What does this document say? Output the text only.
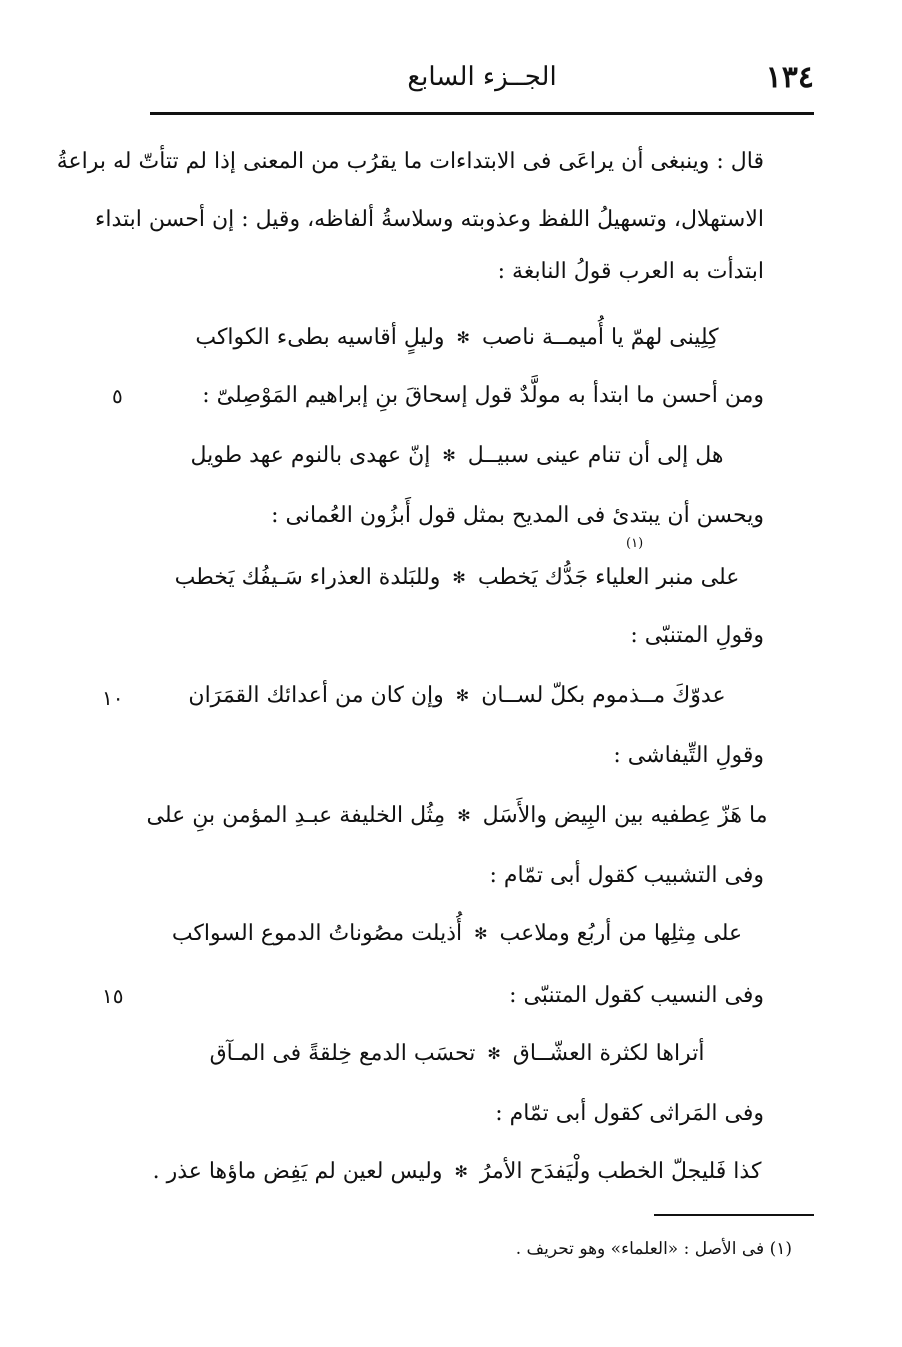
١٣٤
الجــزء السابع
قال : وينبغى أن يراعَى فى الابتداءات ما يقرُب من المعنى إذا لم تتأتّ له براعةُ
الاستهلال، وتسهيلُ اللفظ وعذوبته وسلاسةُ ألفاظه، وقيل : إن أحسن ابتداء
ابتدأت به العرب قولُ النابغة :
كِلِينى لهمّ يا أُميمــة ناصب
✻
وليلٍ أقاسيه بطىء الكواكب
ومن أحسن ما ابتدأ به مولَّدٌ قول إسحاقَ بنِ إبراهيم المَوْصِلىّ :
٥
هل إلى أن تنام عينى سبيــل
✻
إنّ عهدى بالنوم عهد طويل
ويحسن أن يبتدئ فى المديح بمثل قول أَبزُون العُمانى :
(١)
على منبر العلياء جَدُّك يَخطب
✻
وللبَلدة العذراء سَـيفُك يَخطب
وقولِ المتنبّى :
عدوّكَ مــذموم بكلّ لســان
✻
وإن كان من أعدائك القمَرَان
١٠
وقولِ التِّيفاشى :
ما هَزّ عِطفيه بين البِيض والأَسَل
✻
مِثُل الخليفة عبـدِ المؤمن بنِ على
وفى التشبيب كقول أبى تمّام :
على مِثلِها من أربُع وملاعب
✻
أُذيلت مصُوناتُ الدموع السواكب
وفى النسيب كقول المتنبّى :
١٥
أتراها لكثرة العشّــاق
✻
تحسَب الدمع خِلقةً فى المـآق
وفى المَراثى كقول أبى تمّام :
كذا فَليجلّ الخطب ولْيَفدَح الأمرُ
✻
وليس لعين لم يَفِض ماؤها عذر .
(١) فى الأصل : «العلماء» وهو تحريف .
